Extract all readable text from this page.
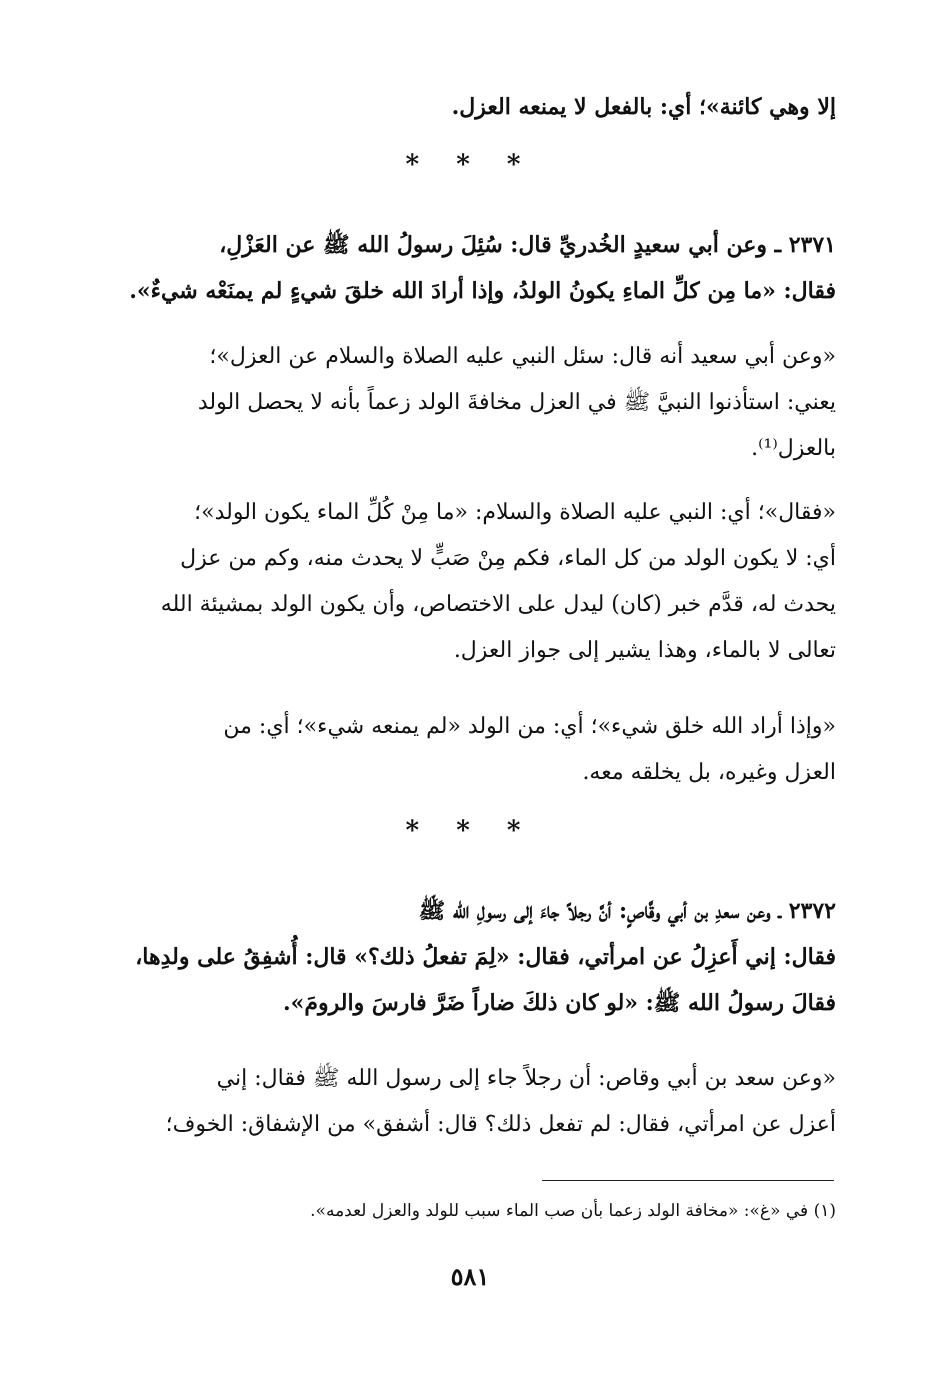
إلا وهي كائنة»؛ أي: بالفعل لا يمنعه العزل.
* * *
٢٣٧١ ـ وعن أبي سعيدٍ الخُدريِّ قال: سُئِلَ رسولُ الله ﷺ عن العَزْلِ،
فقال: «ما مِن كلِّ الماءِ يكونُ الولدُ، وإذا أرادَ الله خلقَ شيءٍ لم يمنَعْه شيءٌ».
«وعن أبي سعيد أنه قال: سئل النبي عليه الصلاة والسلام عن العزل»؛
يعني: استأذنوا النبيَّ ﷺ في العزل مخافةَ الولد زعماً بأنه لا يحصل الولد
بالعزل⁽¹⁾.
«فقال»؛ أي: النبي عليه الصلاة والسلام: «ما مِنْ كُلِّ الماء يكون الولد»؛
أي: لا يكون الولد من كل الماء، فكم مِنْ صَبٍّ لا يحدث منه، وكم من عزل
يحدث له، قدَّم خبر (كان) ليدل على الاختصاص، وأن يكون الولد بمشيئة الله
تعالى لا بالماء، وهذا يشير إلى جواز العزل.
«وإذا أراد الله خلق شيء»؛ أي: من الولد «لم يمنعه شيء»؛ أي: من
العزل وغيره، بل يخلقه معه.
* * *
٢٣٧٢ ـ وعن سعدِ بن أبي وقَّاصٍ: أنَّ رجلاً جاءَ إلى رسولِ الله ﷺ
فقال: إني أَعزِلُ عن امرأتي، فقال: «لِمَ تفعلُ ذلك؟» قال: أُشفِقُ على ولدِها،
فقالَ رسولُ الله ﷺ: «لو كان ذلكَ ضاراً ضَرَّ فارسَ والرومَ».
«وعن سعد بن أبي وقاص: أن رجلاً جاء إلى رسول الله ﷺ فقال: إني
أعزل عن امرأتي، فقال: لم تفعل ذلك؟ قال: أشفق» من الإشفاق: الخوف؛
(١) في «غ»: «مخافة الولد زعما بأن صب الماء سبب للولد والعزل لعدمه».
٥٨١
